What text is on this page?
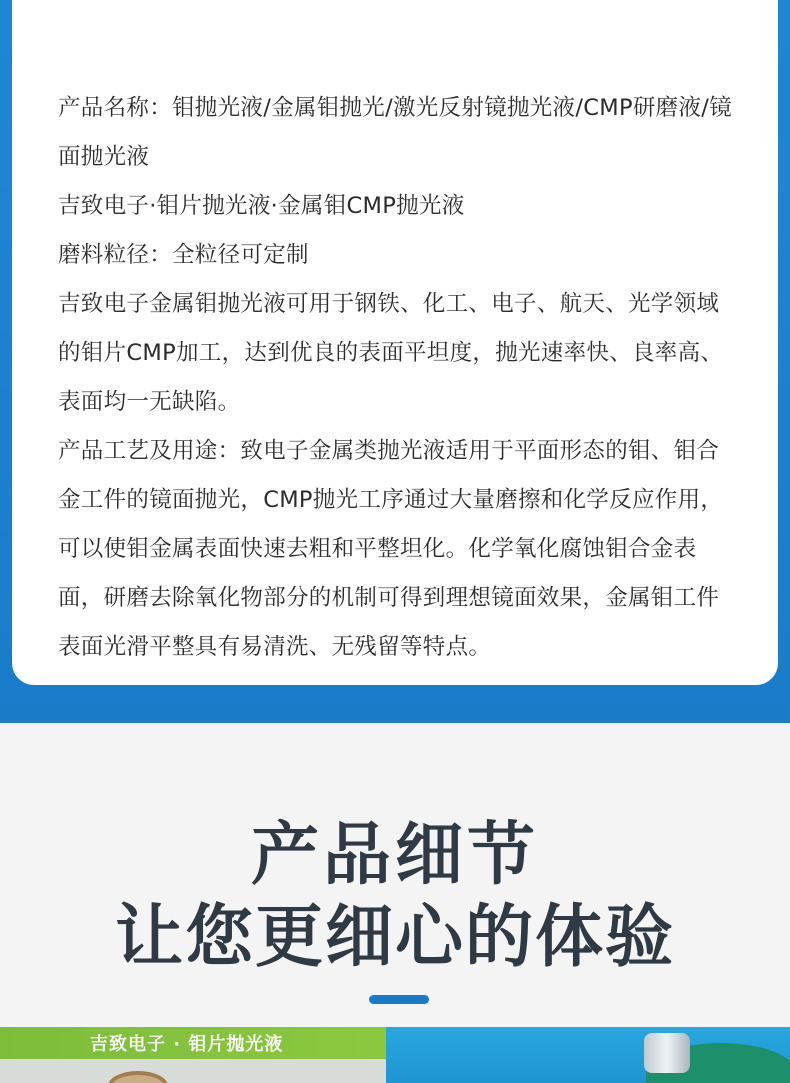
产品名称：钼抛光液/金属钼抛光/激光反射镜抛光液/CMP研磨液/镜面抛光液

吉致电子·钼片抛光液·金属钼CMP抛光液

磨料粒径：全粒径可定制

吉致电子金属钼抛光液可用于钢铁、化工、电子、航天、光学领域的钼片CMP加工，达到优良的表面平坦度，抛光速率快、良率高、表面均一无缺陷。

产品工艺及用途：致电子金属类抛光液适用于平面形态的钼、钼合金工件的镜面抛光，CMP抛光工序通过大量磨擦和化学反应作用，可以使钼金属表面快速去粗和平整坦化。化学氧化腐蚀钼合金表面，研磨去除氧化物部分的机制可得到理想镜面效果，金属钼工件表面光滑平整具有易清洗、无残留等特点。

产品细节
让您更细心的体验
吉致电子 · 钼片抛光液
